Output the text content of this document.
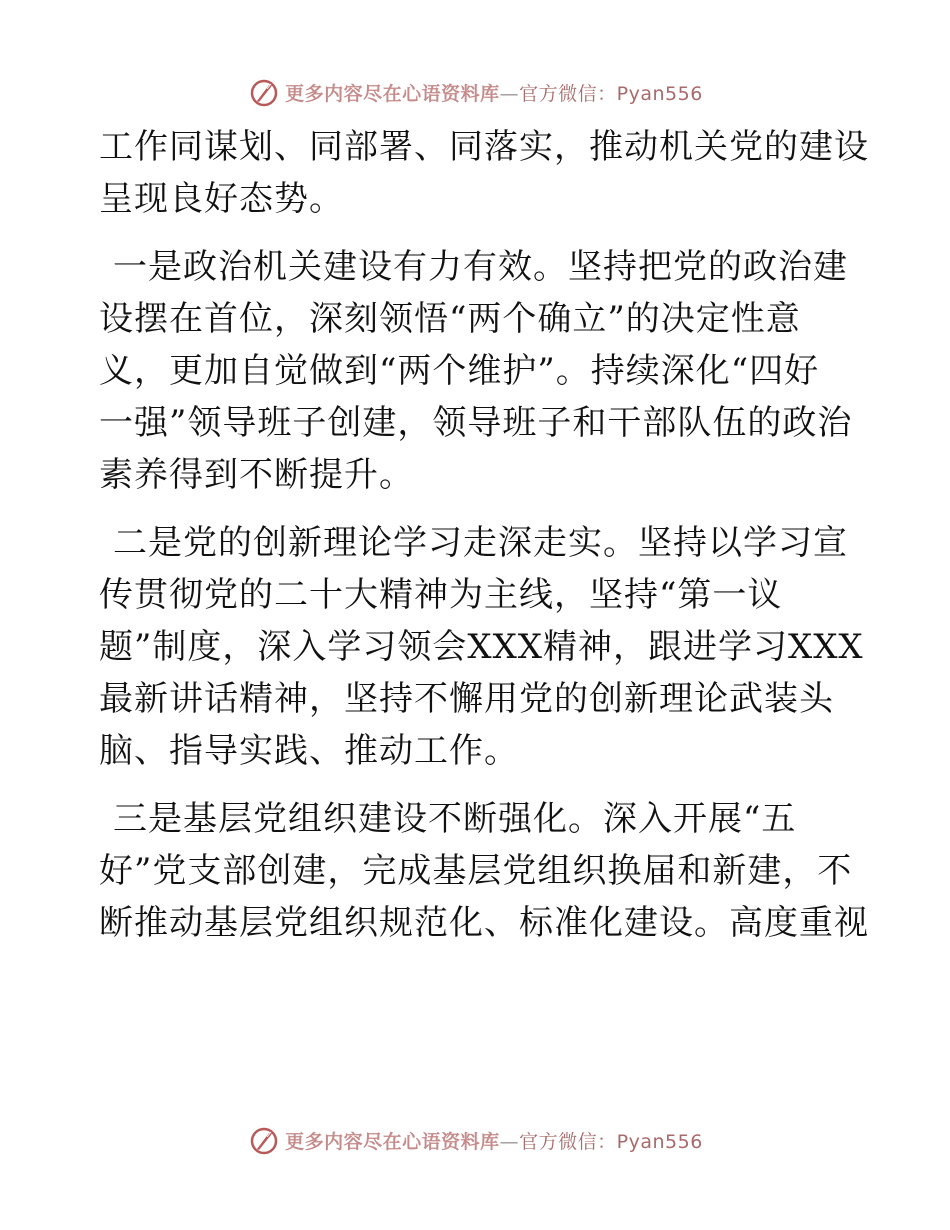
更多内容尽在心语资料库—官方微信：Pyan556
工作同谋划、同部署、同落实，推动机关党的建设
呈现良好态势。
一是政治机关建设有力有效。坚持把党的政治建
设摆在首位，深刻领悟“两个确立”的决定性意
义，更加自觉做到“两个维护”。持续深化“四好
一强”领导班子创建，领导班子和干部队伍的政治
素养得到不断提升。
二是党的创新理论学习走深走实。坚持以学习宣
传贯彻党的二十大精神为主线，坚持“第一议
题”制度，深入学习领会XXX精神，跟进学习XXX
最新讲话精神，坚持不懈用党的创新理论武装头
脑、指导实践、推动工作。
三是基层党组织建设不断强化。深入开展“五
好”党支部创建，完成基层党组织换届和新建，不
断推动基层党组织规范化、标准化建设。高度重视
更多内容尽在心语资料库—官方微信：Pyan556
